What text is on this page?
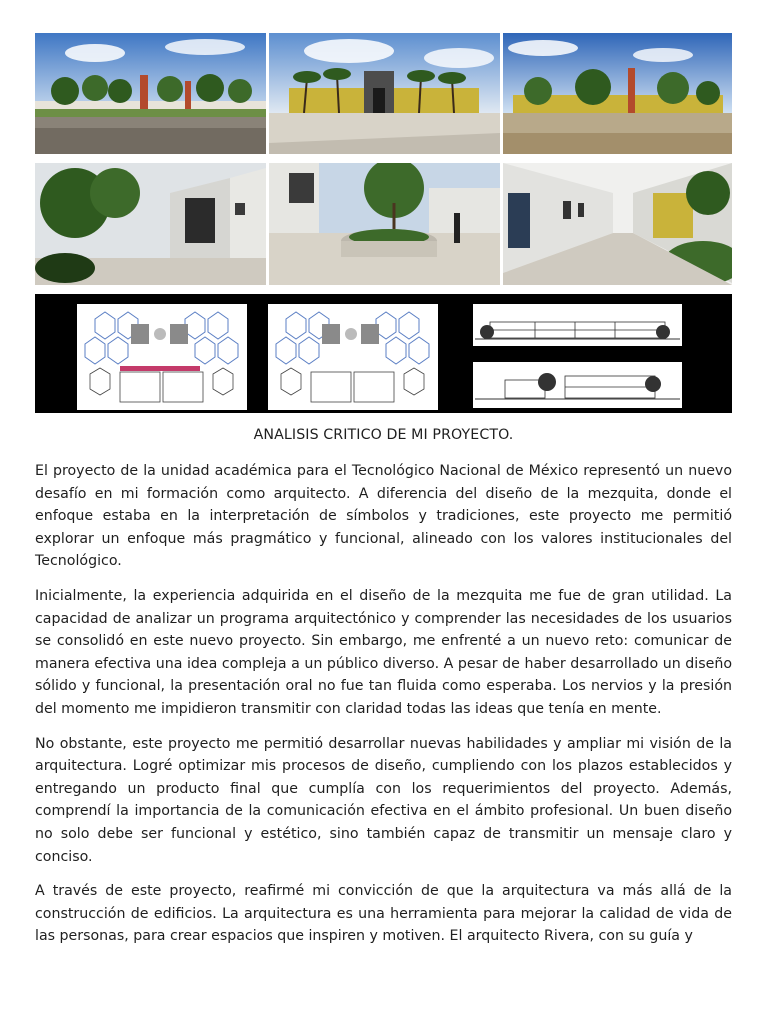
ANALISIS CRITICO DE MI PROYECTO.

El proyecto de la unidad académica para el Tecnológico Nacional de México representó un nuevo desafío en mi formación como arquitecto. A diferencia del diseño de la mezquita, donde el enfoque estaba en la interpretación de símbolos y tradiciones, este proyecto me permitió explorar un enfoque más pragmático y funcional, alineado con los valores institucionales del Tecnológico.

Inicialmente, la experiencia adquirida en el diseño de la mezquita me fue de gran utilidad. La capacidad de analizar un programa arquitectónico y comprender las necesidades de los usuarios se consolidó en este nuevo proyecto. Sin embargo, me enfrenté a un nuevo reto: comunicar de manera efectiva una idea compleja a un público diverso. A pesar de haber desarrollado un diseño sólido y funcional, la presentación oral no fue tan fluida como esperaba. Los nervios y la presión del momento me impidieron transmitir con claridad todas las ideas que tenía en mente.

No obstante, este proyecto me permitió desarrollar nuevas habilidades y ampliar mi visión de la arquitectura. Logré optimizar mis procesos de diseño, cumpliendo con los plazos establecidos y entregando un producto final que cumplía con los requerimientos del proyecto. Además, comprendí la importancia de la comunicación efectiva en el ámbito profesional. Un buen diseño no solo debe ser funcional y estético, sino también capaz de transmitir un mensaje claro y conciso.

A través de este proyecto, reafirmé mi convicción de que la arquitectura va más allá de la construcción de edificios. La arquitectura es una herramienta para mejorar la calidad de vida de las personas, para crear espacios que inspiren y motiven. El arquitecto Rivera, con su guía y
